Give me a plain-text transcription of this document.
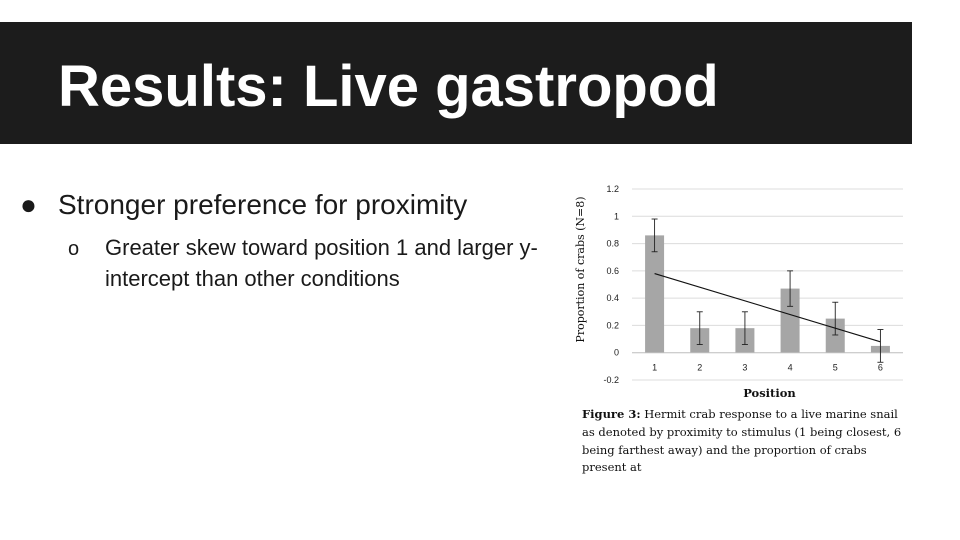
Results: Live gastropod
● Stronger preference for proximity
o Greater skew toward position 1 and larger y-intercept than other conditions
-0.2
0
0.2
0.4
0.6
0.8
1
1.2
1	2	3	4	5	6
Position
Proportion of crabs (N=8)
Figure 3: Hermit crab response to a live marine snail as denoted by proximity to stimulus (1 being closest, 6 being farthest away) and the proportion of crabs present at
